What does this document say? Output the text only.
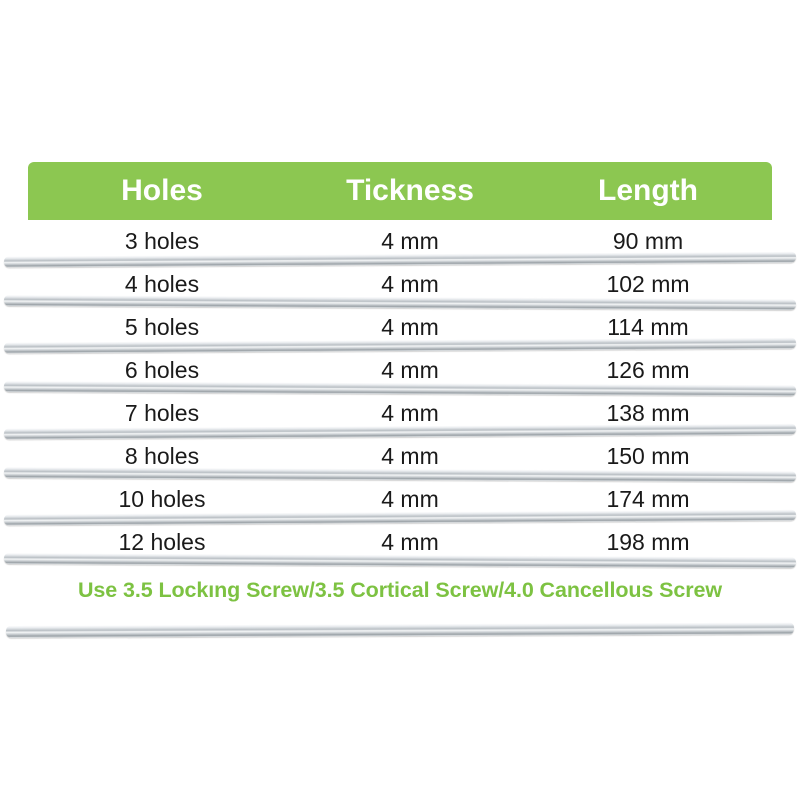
Holes	Tickness	Length
3 holes	4 mm	90 mm
4 holes	4 mm	102 mm
5 holes	4 mm	114 mm
6 holes	4 mm	126 mm
7 holes	4 mm	138 mm
8 holes	4 mm	150 mm
10 holes	4 mm	174 mm
12 holes	4 mm	198 mm
Use 3.5 Lockıng Screw/3.5 Cortical Screw/4.0 Cancellous Screw
